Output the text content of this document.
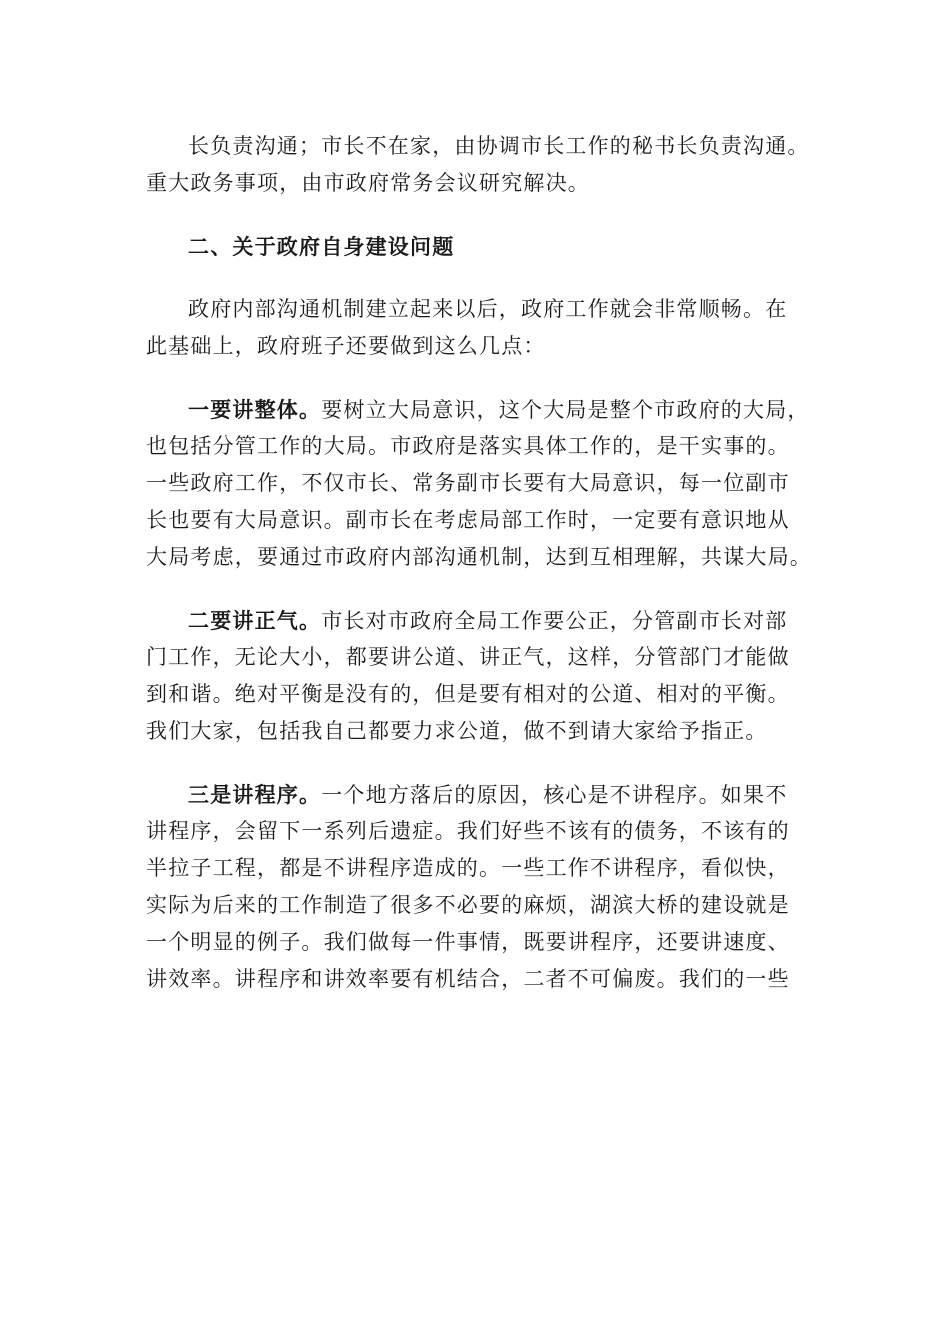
长负责沟通；市长不在家，由协调市长工作的秘书长负责沟通。
重大政务事项，由市政府常务会议研究解决。
二、关于政府自身建设问题
政府内部沟通机制建立起来以后，政府工作就会非常顺畅。在
此基础上，政府班子还要做到这么几点：
一要讲整体。要树立大局意识，这个大局是整个市政府的大局，
也包括分管工作的大局。市政府是落实具体工作的，是干实事的。
一些政府工作，不仅市长、常务副市长要有大局意识，每一位副市
长也要有大局意识。副市长在考虑局部工作时，一定要有意识地从
大局考虑，要通过市政府内部沟通机制，达到互相理解，共谋大局。
二要讲正气。市长对市政府全局工作要公正，分管副市长对部
门工作，无论大小，都要讲公道、讲正气，这样，分管部门才能做
到和谐。绝对平衡是没有的，但是要有相对的公道、相对的平衡。
我们大家，包括我自己都要力求公道，做不到请大家给予指正。
三是讲程序。一个地方落后的原因，核心是不讲程序。如果不
讲程序，会留下一系列后遗症。我们好些不该有的债务，不该有的
半拉子工程，都是不讲程序造成的。一些工作不讲程序，看似快，
实际为后来的工作制造了很多不必要的麻烦，湖滨大桥的建设就是
一个明显的例子。我们做每一件事情，既要讲程序，还要讲速度、
讲效率。讲程序和讲效率要有机结合，二者不可偏废。我们的一些
